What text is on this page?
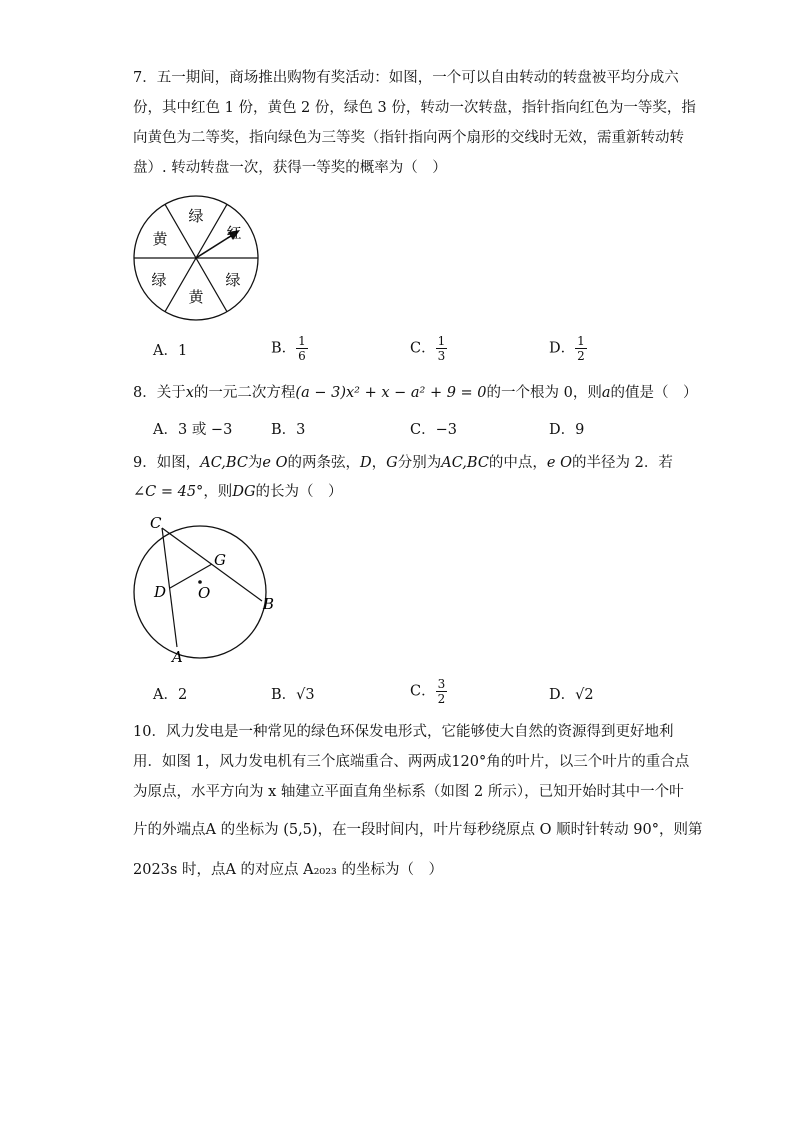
7．五一期间，商场推出购物有奖活动：如图，一个可以自由转动的转盘被平均分成六
份，其中红色 1 份，黄色 2 份，绿色 3 份，转动一次转盘，指针指向红色为一等奖，指
向黄色为二等奖，指向绿色为三等奖（指针指向两个扇形的交线时无效，需重新转动转
盘）. 转动转盘一次，获得一等奖的概率为（　）
绿
红
绿
黄
绿
黄
A．1	B． $\frac{1}{6}$	C． $\frac{1}{3}$	D． $\frac{1}{2}$
8．关于x的一元二次方程(a − 3)x² + x − a² + 9 = 0的一个根为 0，则a的值是（　）
A．3 或 −3	B．3	C．−3	D．9
9．如图，AC,BC为e O的两条弦，D，G分别为AC,BC的中点，e O的半径为 2．若
∠C = 45°，则DG的长为（　）
C
G
D O
B
A
A．2	B．√3	C． $\frac{3}{2}$	D．√2
10．风力发电是一种常见的绿色环保发电形式，它能够使大自然的资源得到更好地利
用．如图 1，风力发电机有三个底端重合、两两成120°角的叶片，以三个叶片的重合点
为原点，水平方向为 x 轴建立平面直角坐标系（如图 2 所示），已知开始时其中一个叶
片的外端点A 的坐标为 (5,5)，在一段时间内，叶片每秒绕原点 O 顺时针转动 90°，则第
2023s 时，点A 的对应点 A₂₀₂₃ 的坐标为（　）
